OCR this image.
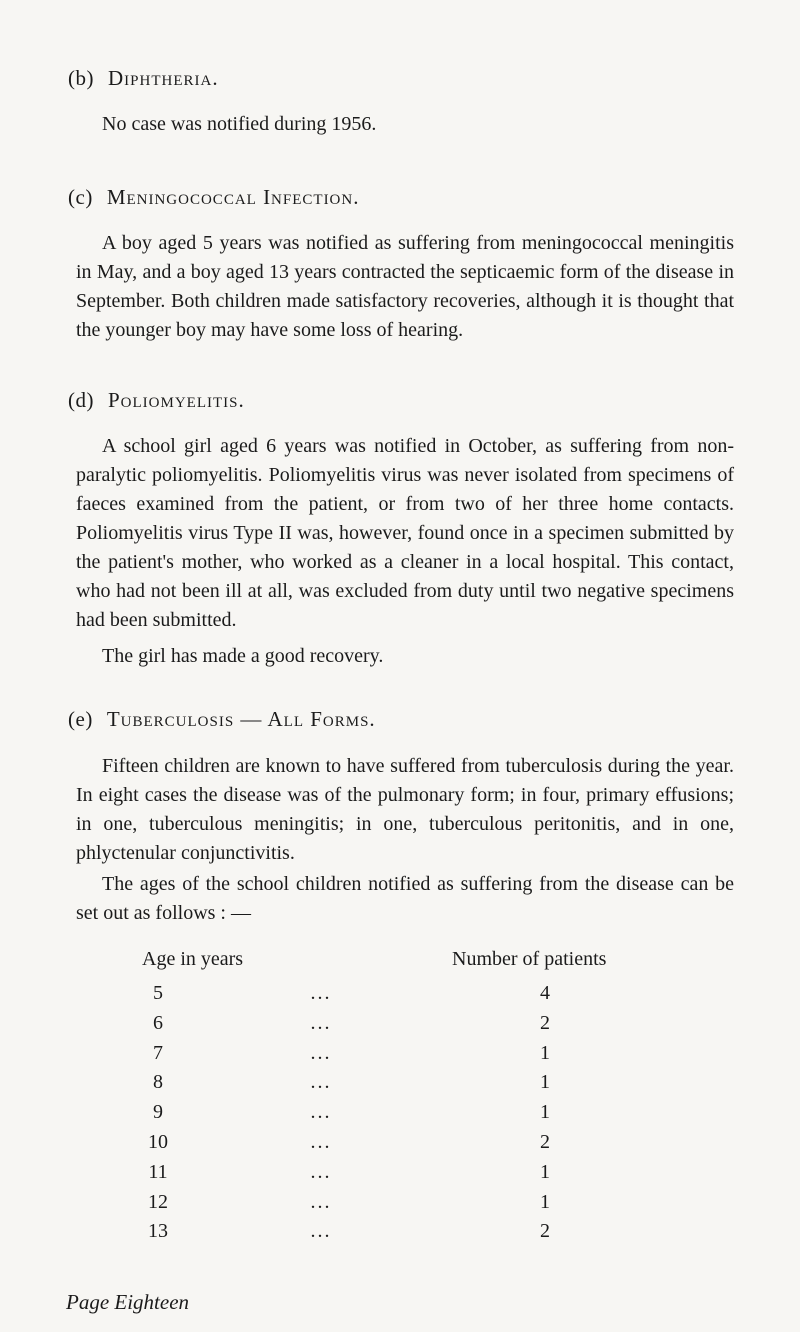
(b) Diphtheria.

No case was notified during 1956.

(c) Meningococcal Infection.

A boy aged 5 years was notified as suffering from meningococcal meningitis in May, and a boy aged 13 years contracted the septicaemic form of the disease in September. Both children made satisfactory recoveries, although it is thought that the younger boy may have some loss of hearing.

(d) Poliomyelitis.

A school girl aged 6 years was notified in October, as suffering from non-paralytic poliomyelitis. Poliomyelitis virus was never isolated from specimens of faeces examined from the patient, or from two of her three home contacts. Poliomyelitis virus Type II was, however, found once in a specimen submitted by the patient's mother, who worked as a cleaner in a local hospital. This contact, who had not been ill at all, was excluded from duty until two negative specimens had been submitted.

The girl has made a good recovery.

(e) Tuberculosis — All Forms.

Fifteen children are known to have suffered from tuberculosis during the year. In eight cases the disease was of the pulmonary form; in four, primary effusions; in one, tuberculous meningitis; in one, tuberculous peritonitis, and in one, phlyctenular conjunctivitis.

The ages of the school children notified as suffering from the disease can be set out as follows : —

Age in years	Number of patients
5	...	4
6	...	2
7	...	1
8	...	1
9	...	1
10	...	2
11	...	1
12	...	1
13	...	2
Page Eighteen
